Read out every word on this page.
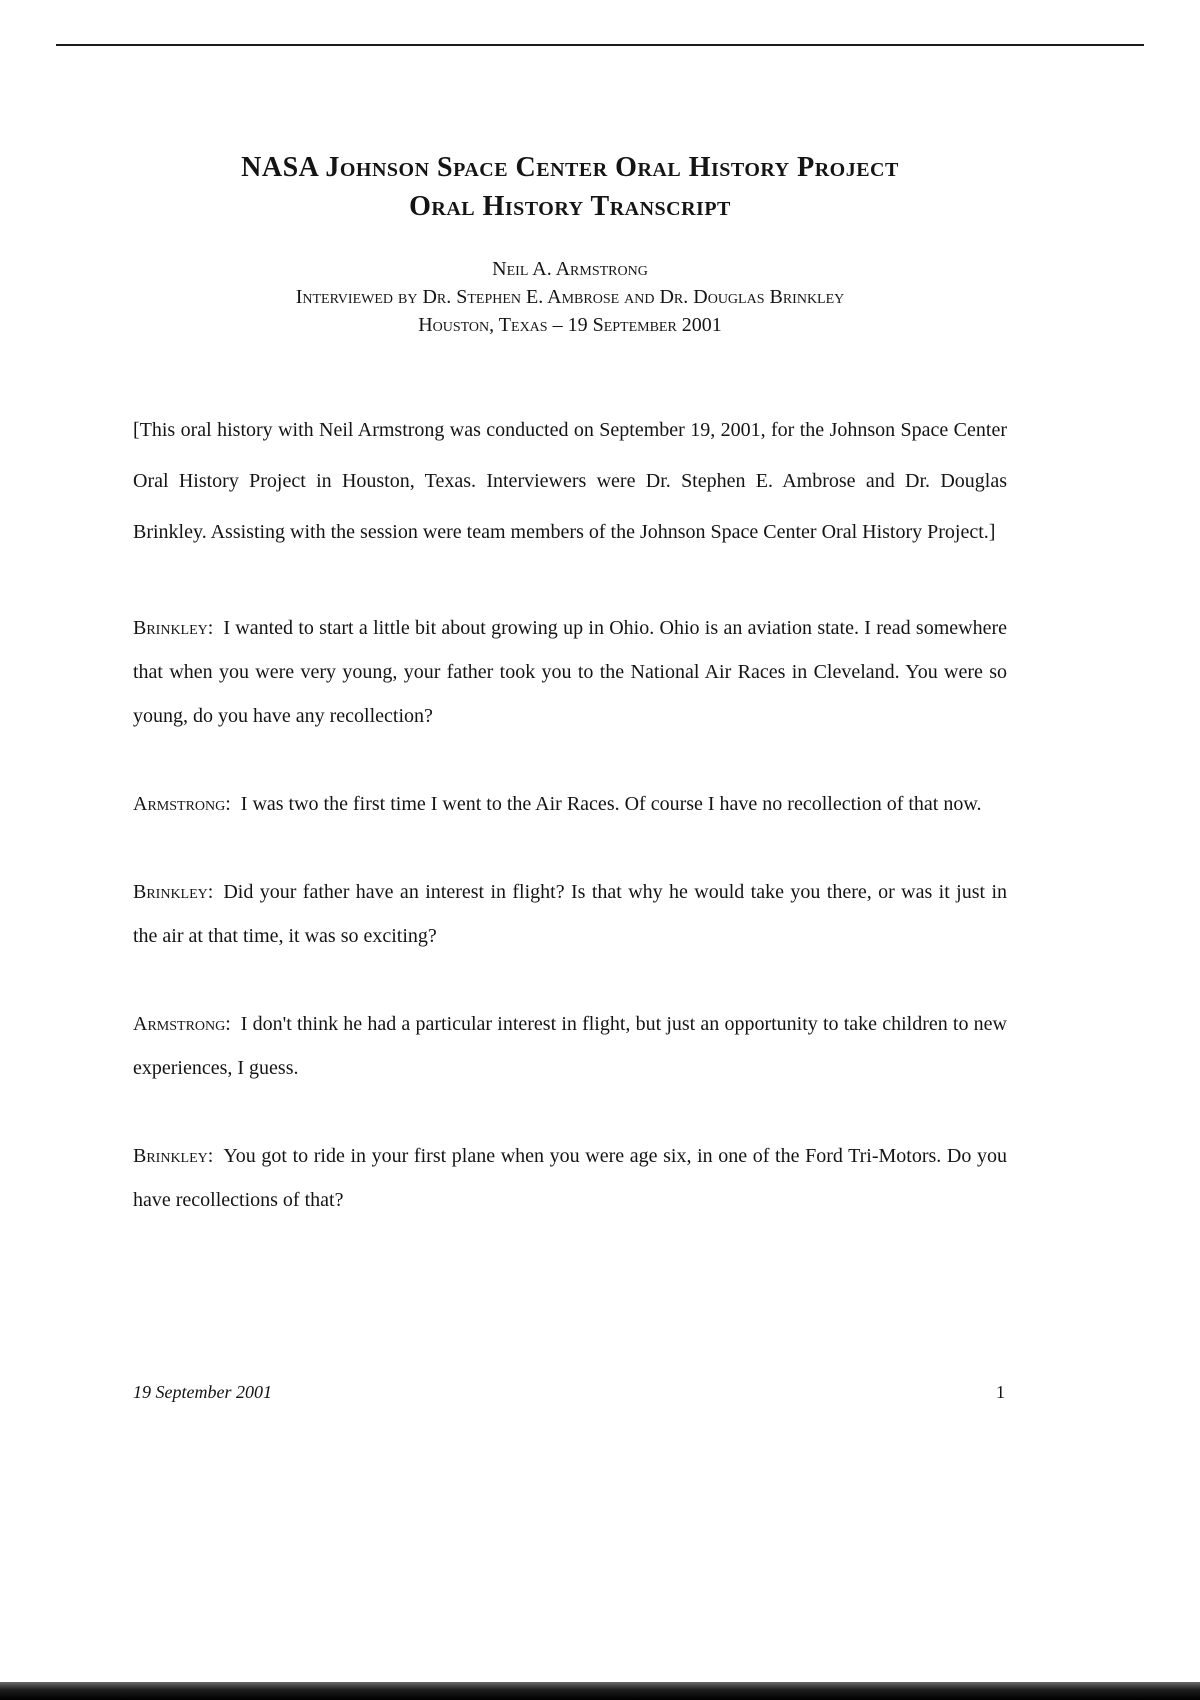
NASA Johnson Space Center Oral History Project
Oral History Transcript
Neil A. Armstrong
Interviewed by Dr. Stephen E. Ambrose and Dr. Douglas Brinkley
Houston, Texas – 19 September 2001

[This oral history with Neil Armstrong was conducted on September 19, 2001, for the Johnson Space Center Oral History Project in Houston, Texas. Interviewers were Dr. Stephen E. Ambrose and Dr. Douglas Brinkley. Assisting with the session were team members of the Johnson Space Center Oral History Project.]

Brinkley: I wanted to start a little bit about growing up in Ohio. Ohio is an aviation state. I read somewhere that when you were very young, your father took you to the National Air Races in Cleveland. You were so young, do you have any recollection?

Armstrong: I was two the first time I went to the Air Races. Of course I have no recollection of that now.

Brinkley: Did your father have an interest in flight? Is that why he would take you there, or was it just in the air at that time, it was so exciting?

Armstrong: I don't think he had a particular interest in flight, but just an opportunity to take children to new experiences, I guess.

Brinkley: You got to ride in your first plane when you were age six, in one of the Ford Tri-Motors. Do you have recollections of that?

19 September 2001	1
